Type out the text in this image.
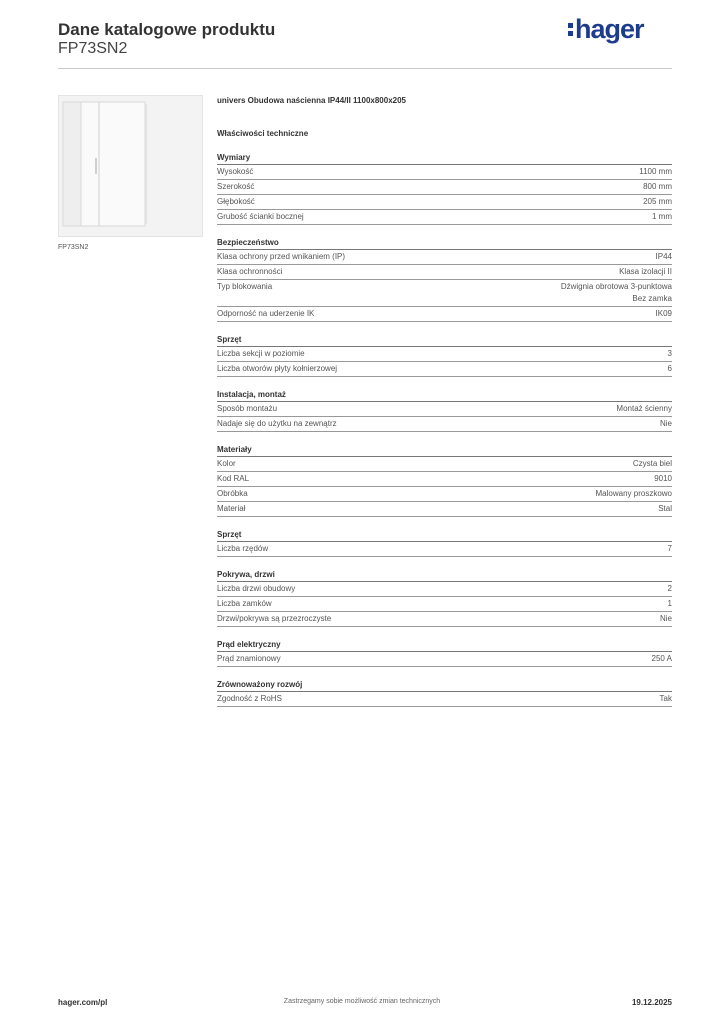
Dane katalogowe produktu
FP73SN2
hager
FP73SN2
univers Obudowa naścienna IP44/II 1100x800x205
Właściwości techniczne
Wymiary
Wysokość	1100 mm
Szerokość	800 mm
Głębokość	205 mm
Grubość ścianki bocznej	1 mm
Bezpieczeństwo
Klasa ochrony przed wnikaniem (IP)	IP44
Klasa ochronności	Klasa izolacji II
Typ blokowania	Dźwignia obrotowa 3-punktowa
Bez zamka
Odporność na uderzenie IK	IK09
Sprzęt
Liczba sekcji w poziomie	3
Liczba otworów płyty kołnierzowej	6
Instalacja, montaż
Sposób montażu	Montaż ścienny
Nadaje się do użytku na zewnątrz	Nie
Materiały
Kolor	Czysta biel
Kod RAL	9010
Obróbka	Malowany proszkowo
Materiał	Stal
Sprzęt
Liczba rzędów	7
Pokrywa, drzwi
Liczba drzwi obudowy	2
Liczba zamków	1
Drzwi/pokrywa są przezroczyste	Nie
Prąd elektryczny
Prąd znamionowy	250 A
Zrównoważony rozwój
Zgodność z RoHS	Tak
hager.com/pl	Zastrzegamy sobie możliwość zmian technicznych	19.12.2025
